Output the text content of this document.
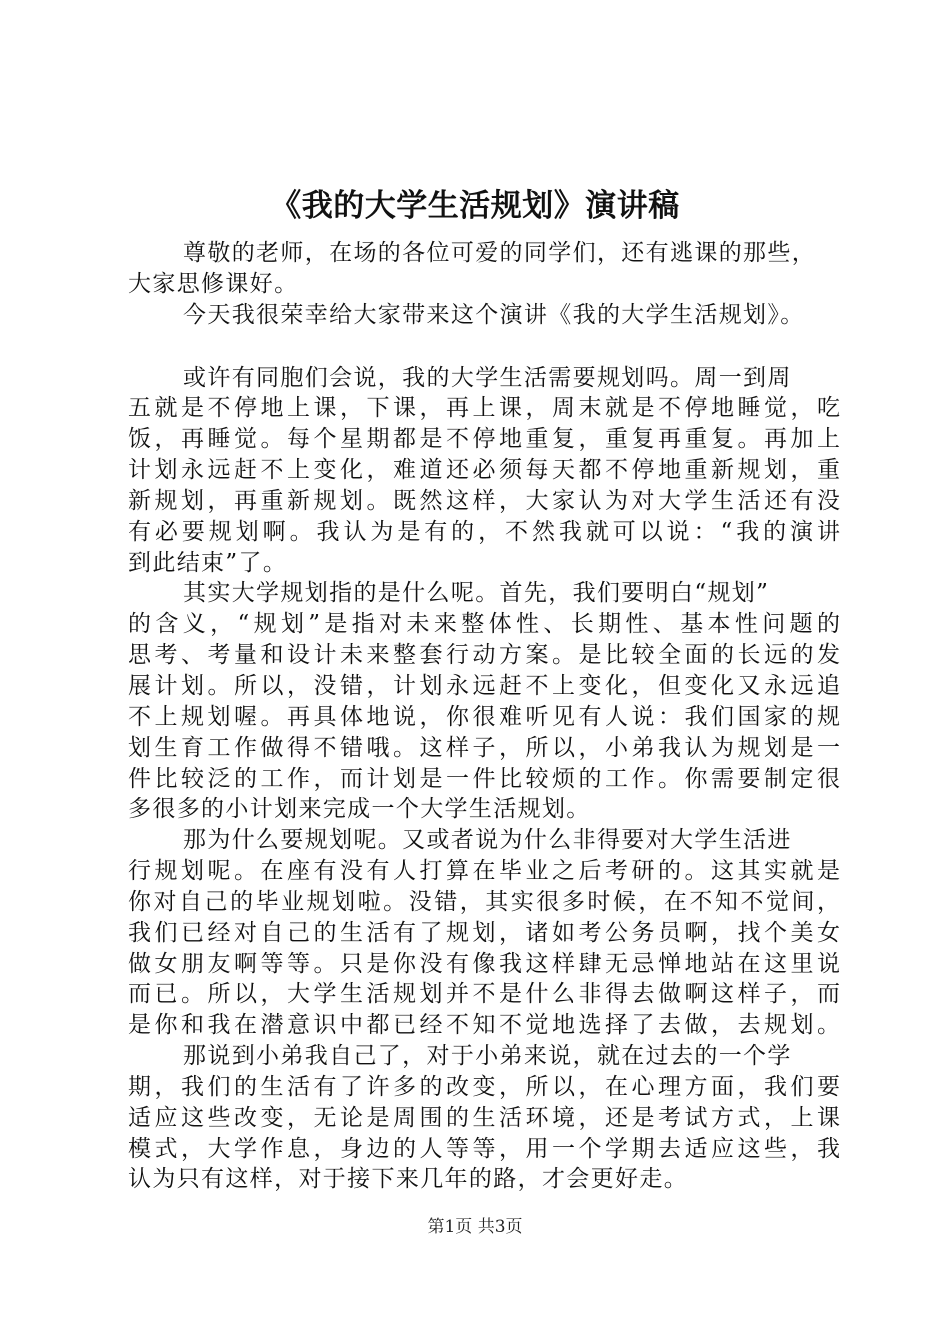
《我的大学生活规划》演讲稿
尊敬的老师，在场的各位可爱的同学们，还有逃课的那些，
大家思修课好。
今天我很荣幸给大家带来这个演讲《我的大学生活规划》。
或许有同胞们会说，我的大学生活需要规划吗。周一到周
五就是不停地上课，下课，再上课，周末就是不停地睡觉，吃
饭，再睡觉。每个星期都是不停地重复，重复再重复。再加上
计划永远赶不上变化，难道还必须每天都不停地重新规划，重
新规划，再重新规划。既然这样，大家认为对大学生活还有没
有必要规划啊。我认为是有的，不然我就可以说：“我的演讲
到此结束”了。
其实大学规划指的是什么呢。首先，我们要明白“规划”
的含义，“规划”是指对未来整体性、长期性、基本性问题的
思考、考量和设计未来整套行动方案。是比较全面的长远的发
展计划。所以，没错，计划永远赶不上变化，但变化又永远追
不上规划喔。再具体地说，你很难听见有人说：我们国家的规
划生育工作做得不错哦。这样子，所以，小弟我认为规划是一
件比较泛的工作，而计划是一件比较烦的工作。你需要制定很
多很多的小计划来完成一个大学生活规划。
那为什么要规划呢。又或者说为什么非得要对大学生活进
行规划呢。在座有没有人打算在毕业之后考研的。这其实就是
你对自己的毕业规划啦。没错，其实很多时候，在不知不觉间，
我们已经对自己的生活有了规划，诸如考公务员啊，找个美女
做女朋友啊等等。只是你没有像我这样肆无忌惮地站在这里说
而已。所以，大学生活规划并不是什么非得去做啊这样子，而
是你和我在潜意识中都已经不知不觉地选择了去做，去规划。
那说到小弟我自己了，对于小弟来说，就在过去的一个学
期，我们的生活有了许多的改变，所以，在心理方面，我们要
适应这些改变，无论是周围的生活环境，还是考试方式，上课
模式，大学作息，身边的人等等，用一个学期去适应这些，我
认为只有这样，对于接下来几年的路，才会更好走。
第1页 共3页
